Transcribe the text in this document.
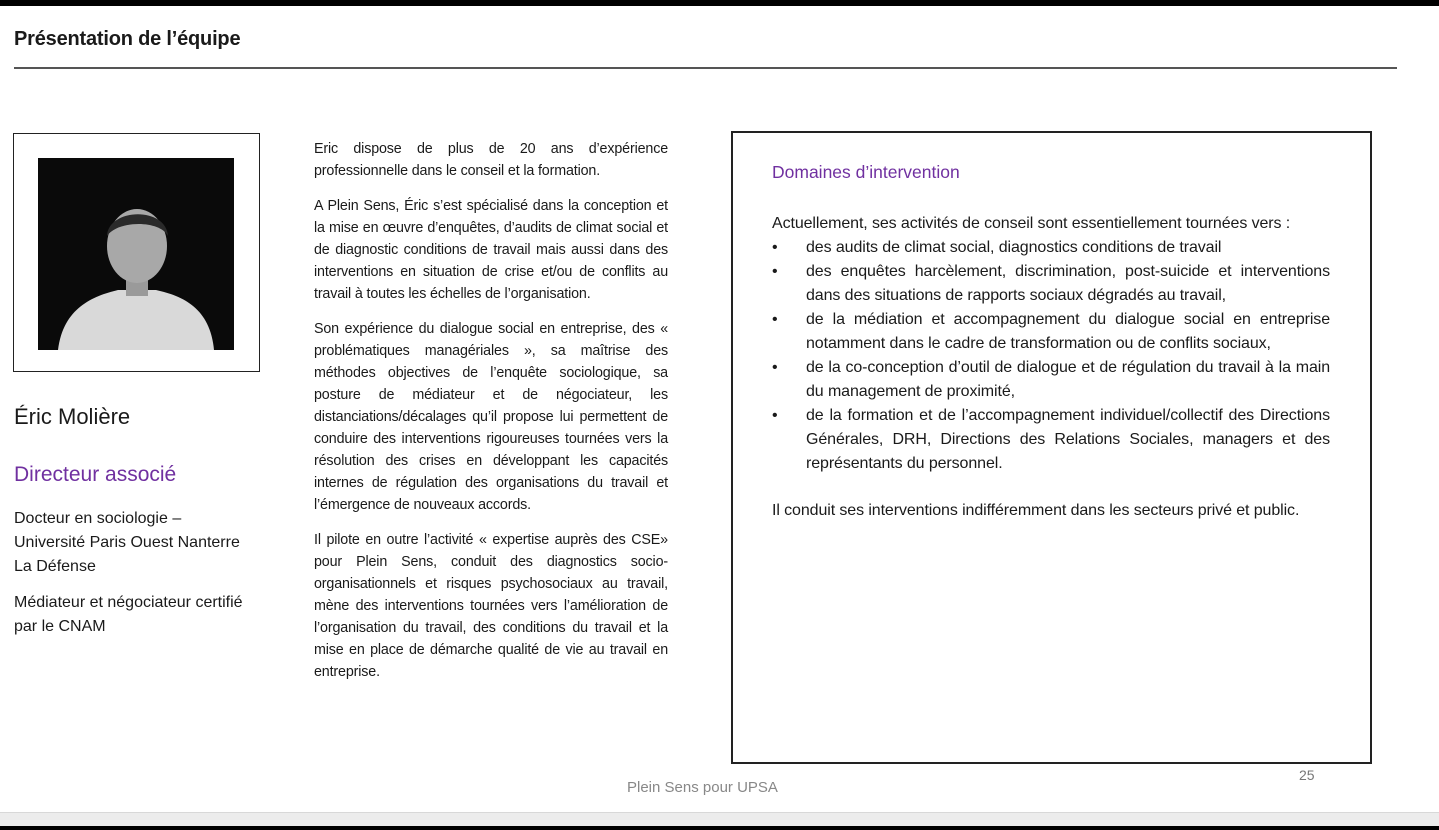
Présentation de l’équipe
Éric Molière
Directeur associé
Docteur en sociologie – Université Paris Ouest Nanterre La Défense
Médiateur et négociateur certifié par le CNAM

Eric dispose de plus de 20 ans d’expérience professionnelle dans le conseil et la formation.

A Plein Sens, Éric s’est spécialisé dans la conception et la mise en œuvre d’enquêtes, d’audits de climat social et de diagnostic conditions de travail mais aussi dans des interventions en situation de crise et/ou de conflits au travail à toutes les échelles de l’organisation.

Son expérience du dialogue social en entreprise, des « problématiques managériales », sa maîtrise des méthodes objectives de l’enquête sociologique, sa posture de médiateur et de négociateur, les distanciations/décalages qu’il propose lui permettent de conduire des interventions rigoureuses tournées vers la résolution des crises en développant les capacités internes de régulation des organisations du travail et l’émergence de nouveaux accords.

Il pilote en outre l’activité « expertise auprès des CSE» pour Plein Sens, conduit des diagnostics socio-organisationnels et risques psychosociaux au travail, mène des interventions tournées vers l’amélioration de l’organisation du travail, des conditions du travail et la mise en place de démarche qualité de vie au travail en entreprise.

Domaines d’intervention

Actuellement, ses activités de conseil sont essentiellement tournées vers :

• des audits de climat social, diagnostics conditions de travail
• des enquêtes harcèlement, discrimination, post-suicide et interventions dans des situations de rapports sociaux dégradés au travail,
• de la médiation et accompagnement du dialogue social en entreprise notamment dans le cadre de transformation ou de conflits sociaux,
• de la co-conception d’outil de dialogue et de régulation du travail à la main du management de proximité,
• de la formation et de l’accompagnement individuel/collectif des Directions Générales, DRH, Directions des Relations Sociales, managers et des représentants du personnel.

Il conduit ses interventions indifféremment dans les secteurs privé et public.

Plein Sens pour UPSA
25
